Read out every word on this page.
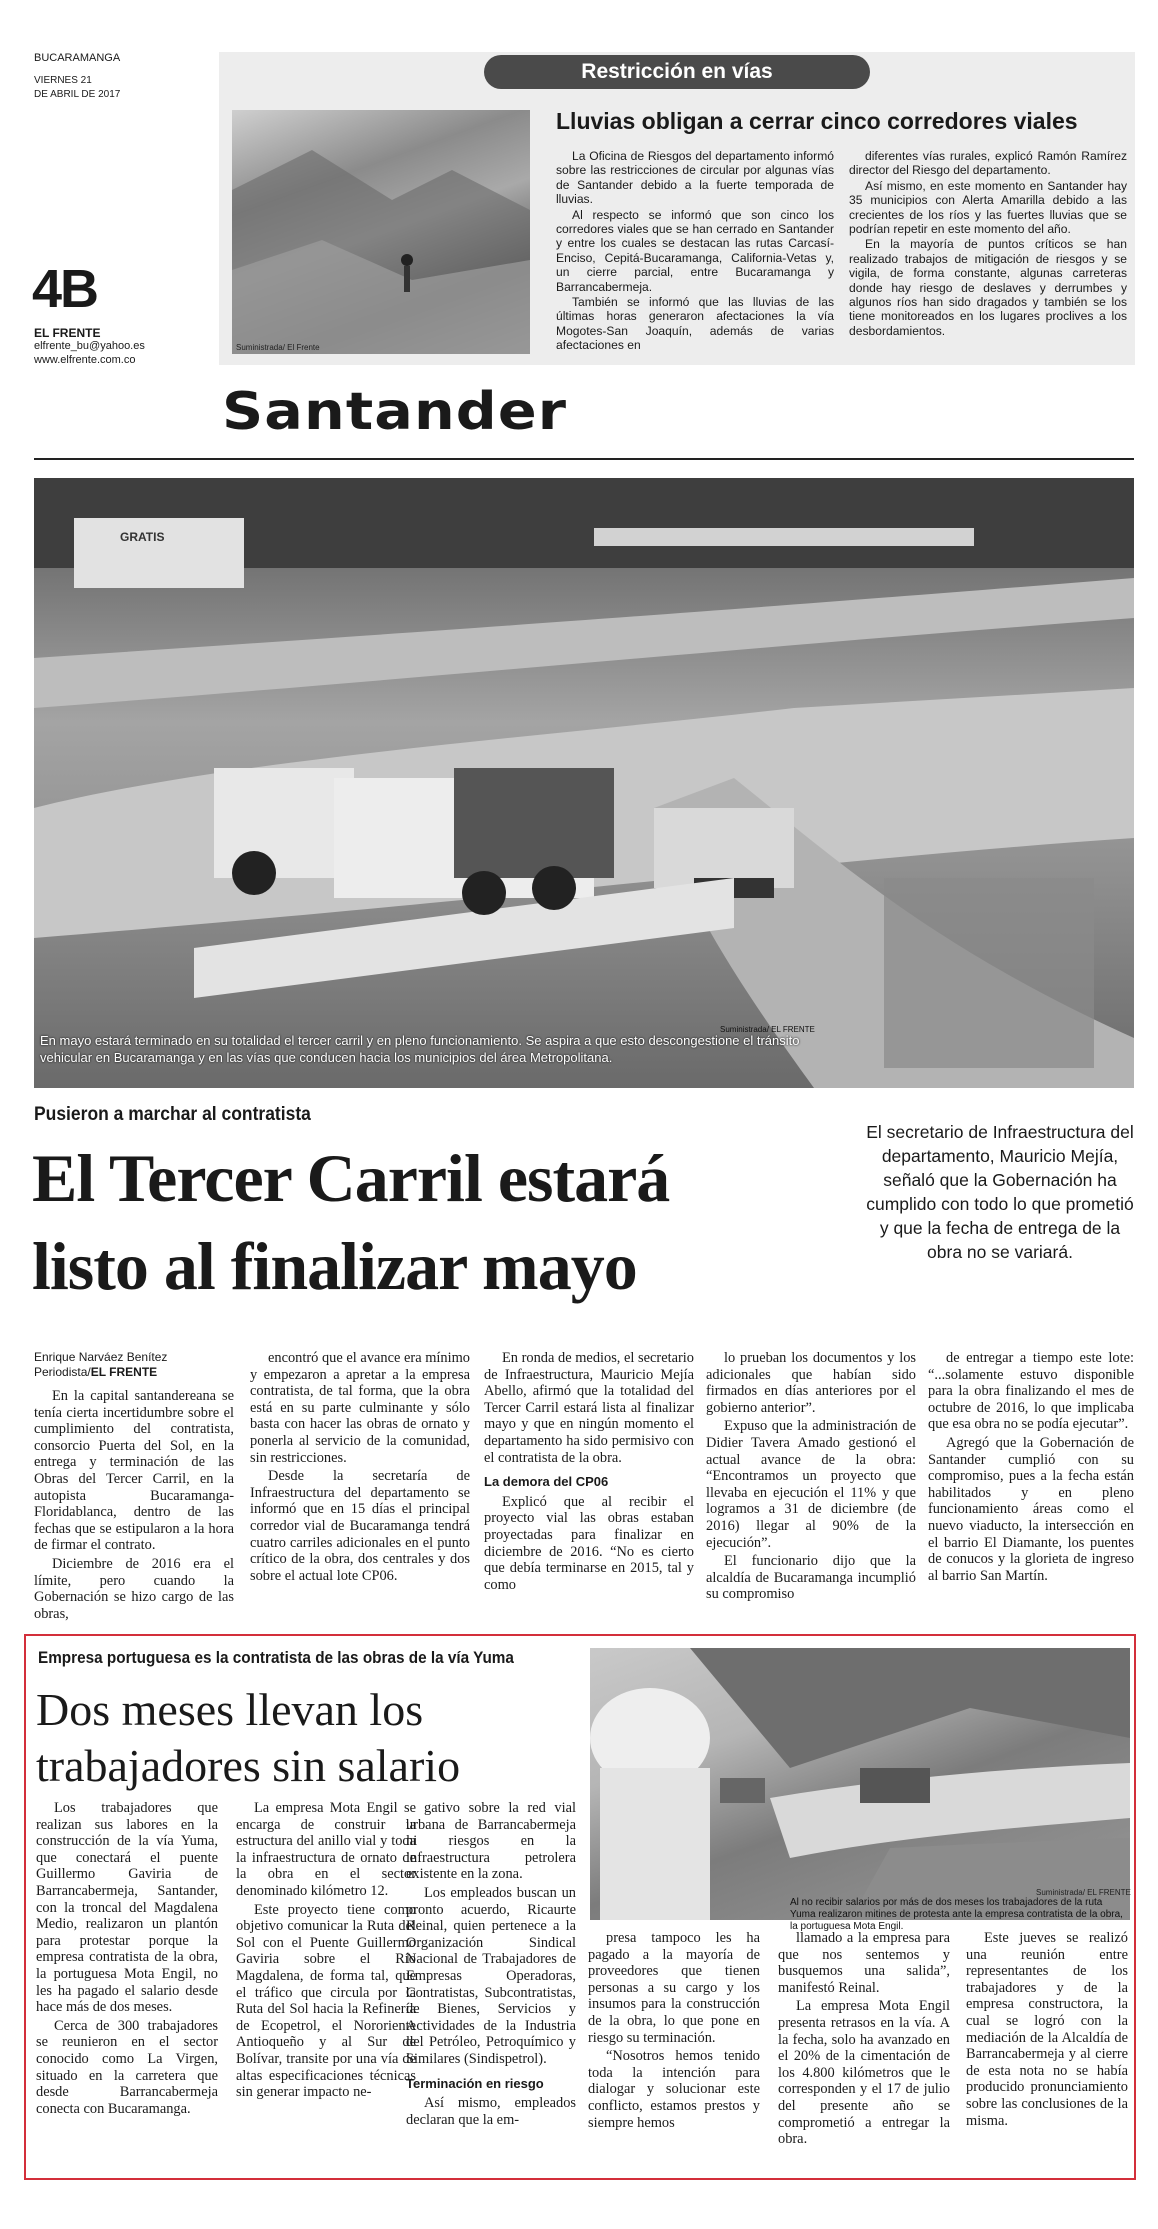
BUCARAMANGA
VIERNES 21
DE ABRIL DE 2017
4B
EL FRENTE
elfrente_bu@yahoo.es
www.elfrente.com.co
Restricción en vías
Suministrada/ El Frente
Lluvias obligan a cerrar cinco corredores viales

La Oficina de Riesgos del departamento informó sobre las restricciones de circular por algunas vías de Santander debido a la fuerte temporada de lluvias.

Al respecto se informó que son cinco los corredores viales que se han cerrado en Santander y entre los cuales se destacan las rutas Carcasí-Enciso, Cepitá-Bucaramanga, California-Vetas y, un cierre parcial, entre Bucaramanga y Barrancabermeja.

También se informó que las lluvias de las últimas horas generaron afectaciones la vía Mogotes-San Joaquín, además de varias afectaciones en

diferentes vías rurales, explicó Ramón Ramírez director del Riesgo del departamento.

Así mismo, en este momento en Santander hay 35 municipios con Alerta Amarilla debido a las crecientes de los ríos y las fuertes lluvias que se podrían repetir en este momento del año.

En la mayoría de puntos críticos se han realizado trabajos de mitigación de riesgos y se vigila, de forma constante, algunas carreteras donde hay riesgo de deslaves y derrumbes y algunos ríos han sido dragados y también se los tiene monitoreados en los lugares proclives a los desbordamientos.

Santander
GRATIS
Suministrada/ EL FRENTE
En mayo estará terminado en su totalidad el tercer carril y en pleno funcionamiento. Se aspira a que esto descongestione el tránsito vehicular en Bucaramanga y en las vías que conducen hacia los municipios del área Metropolitana.
Pusieron a marchar al contratista
El Tercer Carril estará
listo al finalizar mayo
El secretario de Infraestructura del departamento, Mauricio Mejía, señaló que la Gobernación ha cumplido con todo lo que prometió y que la fecha de entrega de la obra no se variará.
Enrique Narváez Benítez
Periodista/EL FRENTE

En la capital santandereana se tenía cierta incertidumbre sobre el cumplimiento del contratista, consorcio Puerta del Sol, en la entrega y terminación de las Obras del Tercer Carril, en la autopista Bucaramanga-Floridablanca, dentro de las fechas que se estipularon a la hora de firmar el contrato.

Diciembre de 2016 era el límite, pero cuando la Gobernación se hizo cargo de las obras,

encontró que el avance era mínimo y empezaron a apretar a la empresa contratista, de tal forma, que la obra está en su parte culminante y sólo basta con hacer las obras de ornato y ponerla al servicio de la comunidad, sin restricciones.

Desde la secretaría de Infraestructura del departamento se informó que en 15 días el principal corredor vial de Bucaramanga tendrá cuatro carriles adicionales en el punto crítico de la obra, dos centrales y dos sobre el actual lote CP06.

En ronda de medios, el secretario de Infraestructura, Mauricio Mejía Abello, afirmó que la totalidad del Tercer Carril estará lista al finalizar mayo y que en ningún momento el departamento ha sido permisivo con el contratista de la obra.

La demora del CP06

Explicó que al recibir el proyecto vial las obras estaban proyectadas para finalizar en diciembre de 2016. “No es cierto que debía terminarse en 2015, tal y como

lo prueban los documentos y los adicionales que habían sido firmados en días anteriores por el gobierno anterior”.

Expuso que la administración de Didier Tavera Amado gestionó el actual avance de la obra: “Encontramos un proyecto que llevaba en ejecución el 11% y que logramos a 31 de diciembre (de 2016) llegar al 90% de la ejecución”.

El funcionario dijo que la alcaldía de Bucaramanga incumplió su compromiso

de entregar a tiempo este lote: “...solamente estuvo disponible para la obra finalizando el mes de octubre de 2016, lo que implicaba que esa obra no se podía ejecutar”.

Agregó que la Gobernación de Santander cumplió con su compromiso, pues a la fecha están habilitados y en pleno funcionamiento áreas como el nuevo viaducto, la intersección en el barrio El Diamante, los puentes de conucos y la glorieta de ingreso al barrio San Martín.

Empresa portuguesa es la contratista de las obras de la vía Yuma
Dos meses llevan los
trabajadores sin salario
Suministrada/ EL FRENTE
Al no recibir salarios por más de dos meses los trabajadores de la ruta Yuma realizaron mitines de protesta ante la empresa contratista de la obra, la portuguesa Mota Engil.

Los trabajadores que realizan sus labores en la construcción de la vía Yuma, que conectará el puente Guillermo Gaviria de Barrancabermeja, Santander, con la troncal del Magdalena Medio, realizaron un plantón para protestar porque la empresa contratista de la obra, la portuguesa Mota Engil, no les ha pagado el salario desde hace más de dos meses.

Cerca de 300 trabajadores se reunieron en el sector conocido como La Virgen, situado en la carretera que desde Barrancabermeja conecta con Bucaramanga.

La empresa Mota Engil se encarga de construir la estructura del anillo vial y toda la infraestructura de ornato de la obra en el sector denominado kilómetro 12.

Este proyecto tiene como objetivo comunicar la Ruta del Sol con el Puente Guillermo Gaviria sobre el Río Magdalena, de forma tal, que el tráfico que circula por la Ruta del Sol hacia la Refinería de Ecopetrol, el Nororiente Antioqueño y al Sur de Bolívar, transite por una vía de altas especificaciones técnicas sin generar impacto ne-

gativo sobre la red vial urbana de Barrancabermeja ni riesgos en la infraestructura petrolera existente en la zona.

Los empleados buscan un pronto acuerdo, Ricaurte Reinal, quien pertenece a la Organización Sindical Nacional de Trabajadores de Empresas Operadoras, Contratistas, Subcontratistas, de Bienes, Servicios y Actividades de la Industria del Petróleo, Petroquímico y Similares (Sindispetrol).

Terminación en riesgo

Así mismo, empleados declaran que la em-

presa tampoco les ha pagado a la mayoría de proveedores que tienen personas a su cargo y los insumos para la construcción de la obra, lo que pone en riesgo su terminación.

“Nosotros hemos tenido toda la intención para dialogar y solucionar este conflicto, estamos prestos y siempre hemos

llamado a la empresa para que nos sentemos y busquemos una salida”, manifestó Reinal.

La empresa Mota Engil presenta retrasos en la vía. A la fecha, solo ha avanzado en el 20% de la cimentación de los 4.800 kilómetros que le corresponden y el 17 de julio del presente año se comprometió a entregar la obra.

Este jueves se realizó una reunión entre representantes de los trabajadores y de la empresa constructora, la cual se logró con la mediación de la Alcaldía de Barrancabermeja y al cierre de esta nota no se había producido pronunciamiento sobre las conclusiones de la misma.
